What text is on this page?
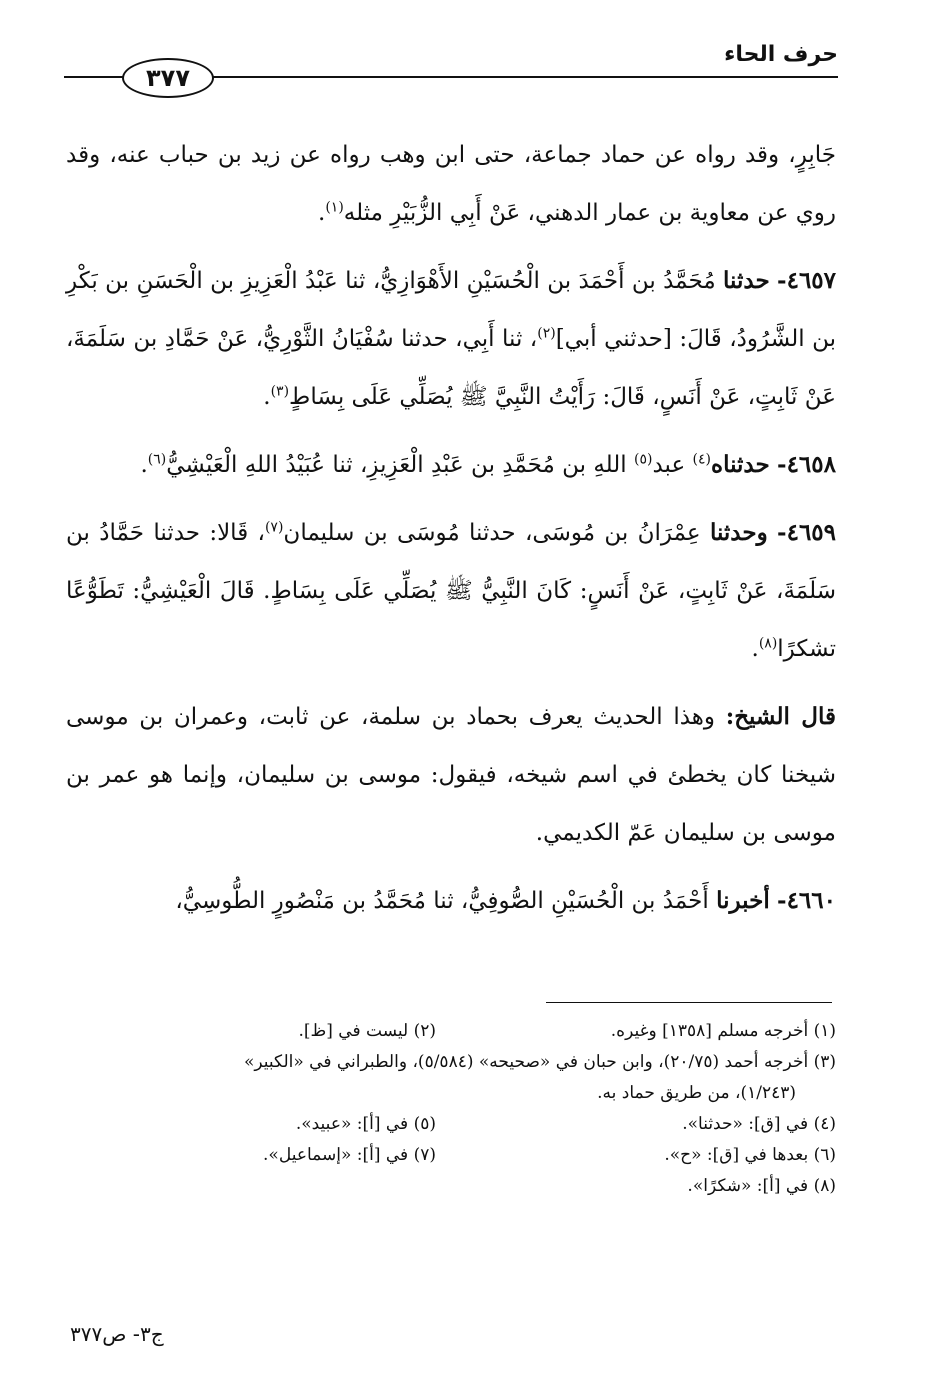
حرف الحاء
٣٧٧

جَابِرٍ، وقد رواه عن حماد جماعة، حتى ابن وهب رواه عن زيد بن حباب عنه، وقد روي عن معاوية بن عمار الدهني، عَنْ أَبِي الزُّبَيْرِ مثله$^{(١)}$.

٤٦٥٧- حدثنا مُحَمَّدُ بن أَحْمَدَ بن الْحُسَيْنِ الأَهْوَازِيُّ، ثنا عَبْدُ الْعَزِيزِ بن الْحَسَنِ بن بَكْرِ بن الشَّرُودُ، قَالَ: [حدثني أبي]$^{(٢)}$، ثنا أَبِي، حدثنا سُفْيَانُ الثَّوْرِيُّ، عَنْ حَمَّادِ بن سَلَمَةَ، عَنْ ثَابِتٍ، عَنْ أَنَسٍ، قَالَ: رَأَيْتُ النَّبِيَّ ﷺ يُصَلِّي عَلَى بِسَاطٍ$^{(٣)}$.

٤٦٥٨- حدثناه$^{(٤)}$ عبد$^{(٥)}$ اللهِ بن مُحَمَّدِ بن عَبْدِ الْعَزِيزِ، ثنا عُبَيْدُ اللهِ الْعَيْشِيُّ$^{(٦)}$.

٤٦٥٩- وحدثنا عِمْرَانُ بن مُوسَى، حدثنا مُوسَى بن سليمان$^{(٧)}$، قَالا: حدثنا حَمَّادُ بن سَلَمَةَ، عَنْ ثَابِتٍ، عَنْ أَنَسٍ: كَانَ النَّبِيُّ ﷺ يُصَلِّي عَلَى بِسَاطٍ. قَالَ الْعَيْشِيُّ: تَطَوُّعًا تشكرًا$^{(٨)}$.

قال الشيخ: وهذا الحديث يعرف بحماد بن سلمة، عن ثابت، وعمران بن موسى شيخنا كان يخطئ في اسم شيخه، فيقول: موسى بن سليمان، وإنما هو عمر بن موسى بن سليمان عَمّ الكديمي.

٤٦٦٠- أخبرنا أَحْمَدُ بن الْحُسَيْنِ الصُّوفِيُّ، ثنا مُحَمَّدُ بن مَنْصُورٍ الطُّوسِيُّ،

(١) أخرجه مسلم [١٣٥٨] وغيره.
(٢) ليست في [ظ].
(٣) أخرجه أحمد (٢٠/٧٥)، وابن حبان في «صحيحه» (٥/٥٨٤)، والطبراني في «الكبير»
(١/٢٤٣)، من طريق حماد به.
(٤) في [ق]: «حدثنا».
(٥) في [أ]: «عبيد».
(٦) بعدها في [ق]: «ح».
(٧) في [أ]: «إسماعيل».
(٨) في [أ]: «شكرًا».
ج٣- ص٣٧٧
